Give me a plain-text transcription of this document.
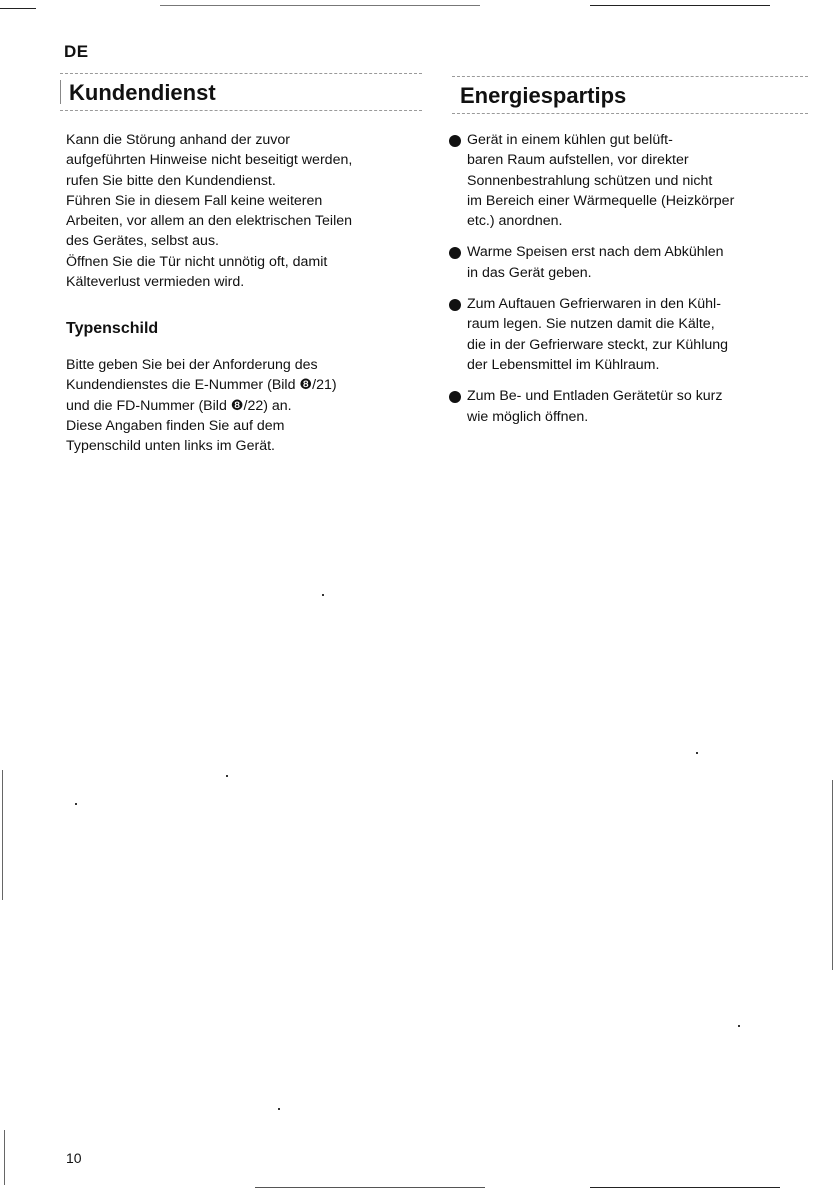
DE
Kundendienst	Energiespartips

Kann die Störung anhand der zuvor
aufgeführten Hinweise nicht beseitigt werden,
rufen Sie bitte den Kundendienst.
Führen Sie in diesem Fall keine weiteren
Arbeiten, vor allem an den elektrischen Teilen
des Gerätes, selbst aus.
Öffnen Sie die Tür nicht unnötig oft, damit
Kälteverlust vermieden wird.

Typenschild

Bitte geben Sie bei der Anforderung des
Kundendienstes die E-Nummer (Bild ❽/21)
und die FD-Nummer (Bild ❽/22) an.
Diese Angaben finden Sie auf dem
Typenschild unten links im Gerät.

Gerät in einem kühlen gut belüft-
baren Raum aufstellen, vor direkter
Sonnenbestrahlung schützen und nicht
im Bereich einer Wärmequelle (Heizkörper
etc.) anordnen.
Warme Speisen erst nach dem Abkühlen
in das Gerät geben.
Zum Auftauen Gefrierwaren in den Kühl-
raum legen. Sie nutzen damit die Kälte,
die in der Gefrierware steckt, zur Kühlung
der Lebensmittel im Kühlraum.
Zum Be- und Entladen Gerätetür so kurz
wie möglich öffnen.
10
